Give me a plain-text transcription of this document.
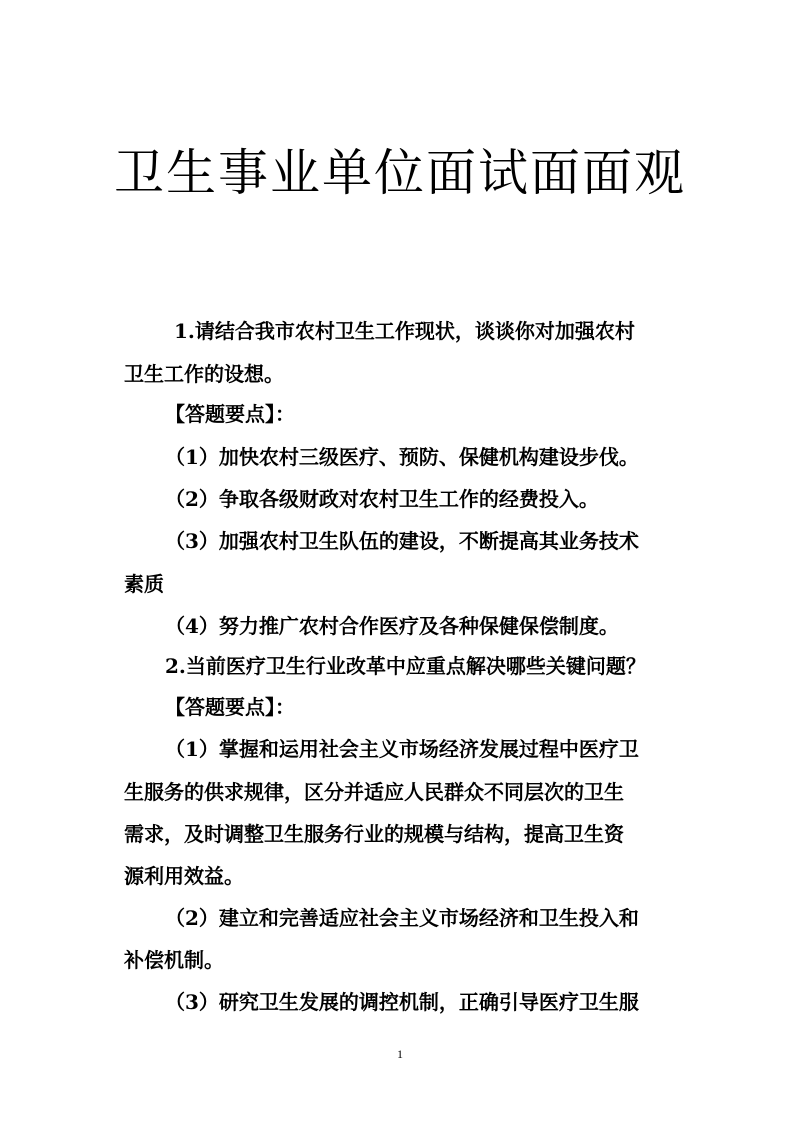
卫生事业单位面试面面观
1.请结合我市农村卫生工作现状，谈谈你对加强农村
卫生工作的设想。
【答题要点】：
（1）加快农村三级医疗、预防、保健机构建设步伐。
（2）争取各级财政对农村卫生工作的经费投入。
（3）加强农村卫生队伍的建设，不断提高其业务技术
素质
（4）努力推广农村合作医疗及各种保健保偿制度。
2.当前医疗卫生行业改革中应重点解决哪些关键问题？
【答题要点】：
（1）掌握和运用社会主义市场经济发展过程中医疗卫
生服务的供求规律，区分并适应人民群众不同层次的卫生
需求，及时调整卫生服务行业的规模与结构，提高卫生资
源利用效益。
（2）建立和完善适应社会主义市场经济和卫生投入和
补偿机制。
（3）研究卫生发展的调控机制，正确引导医疗卫生服
1
